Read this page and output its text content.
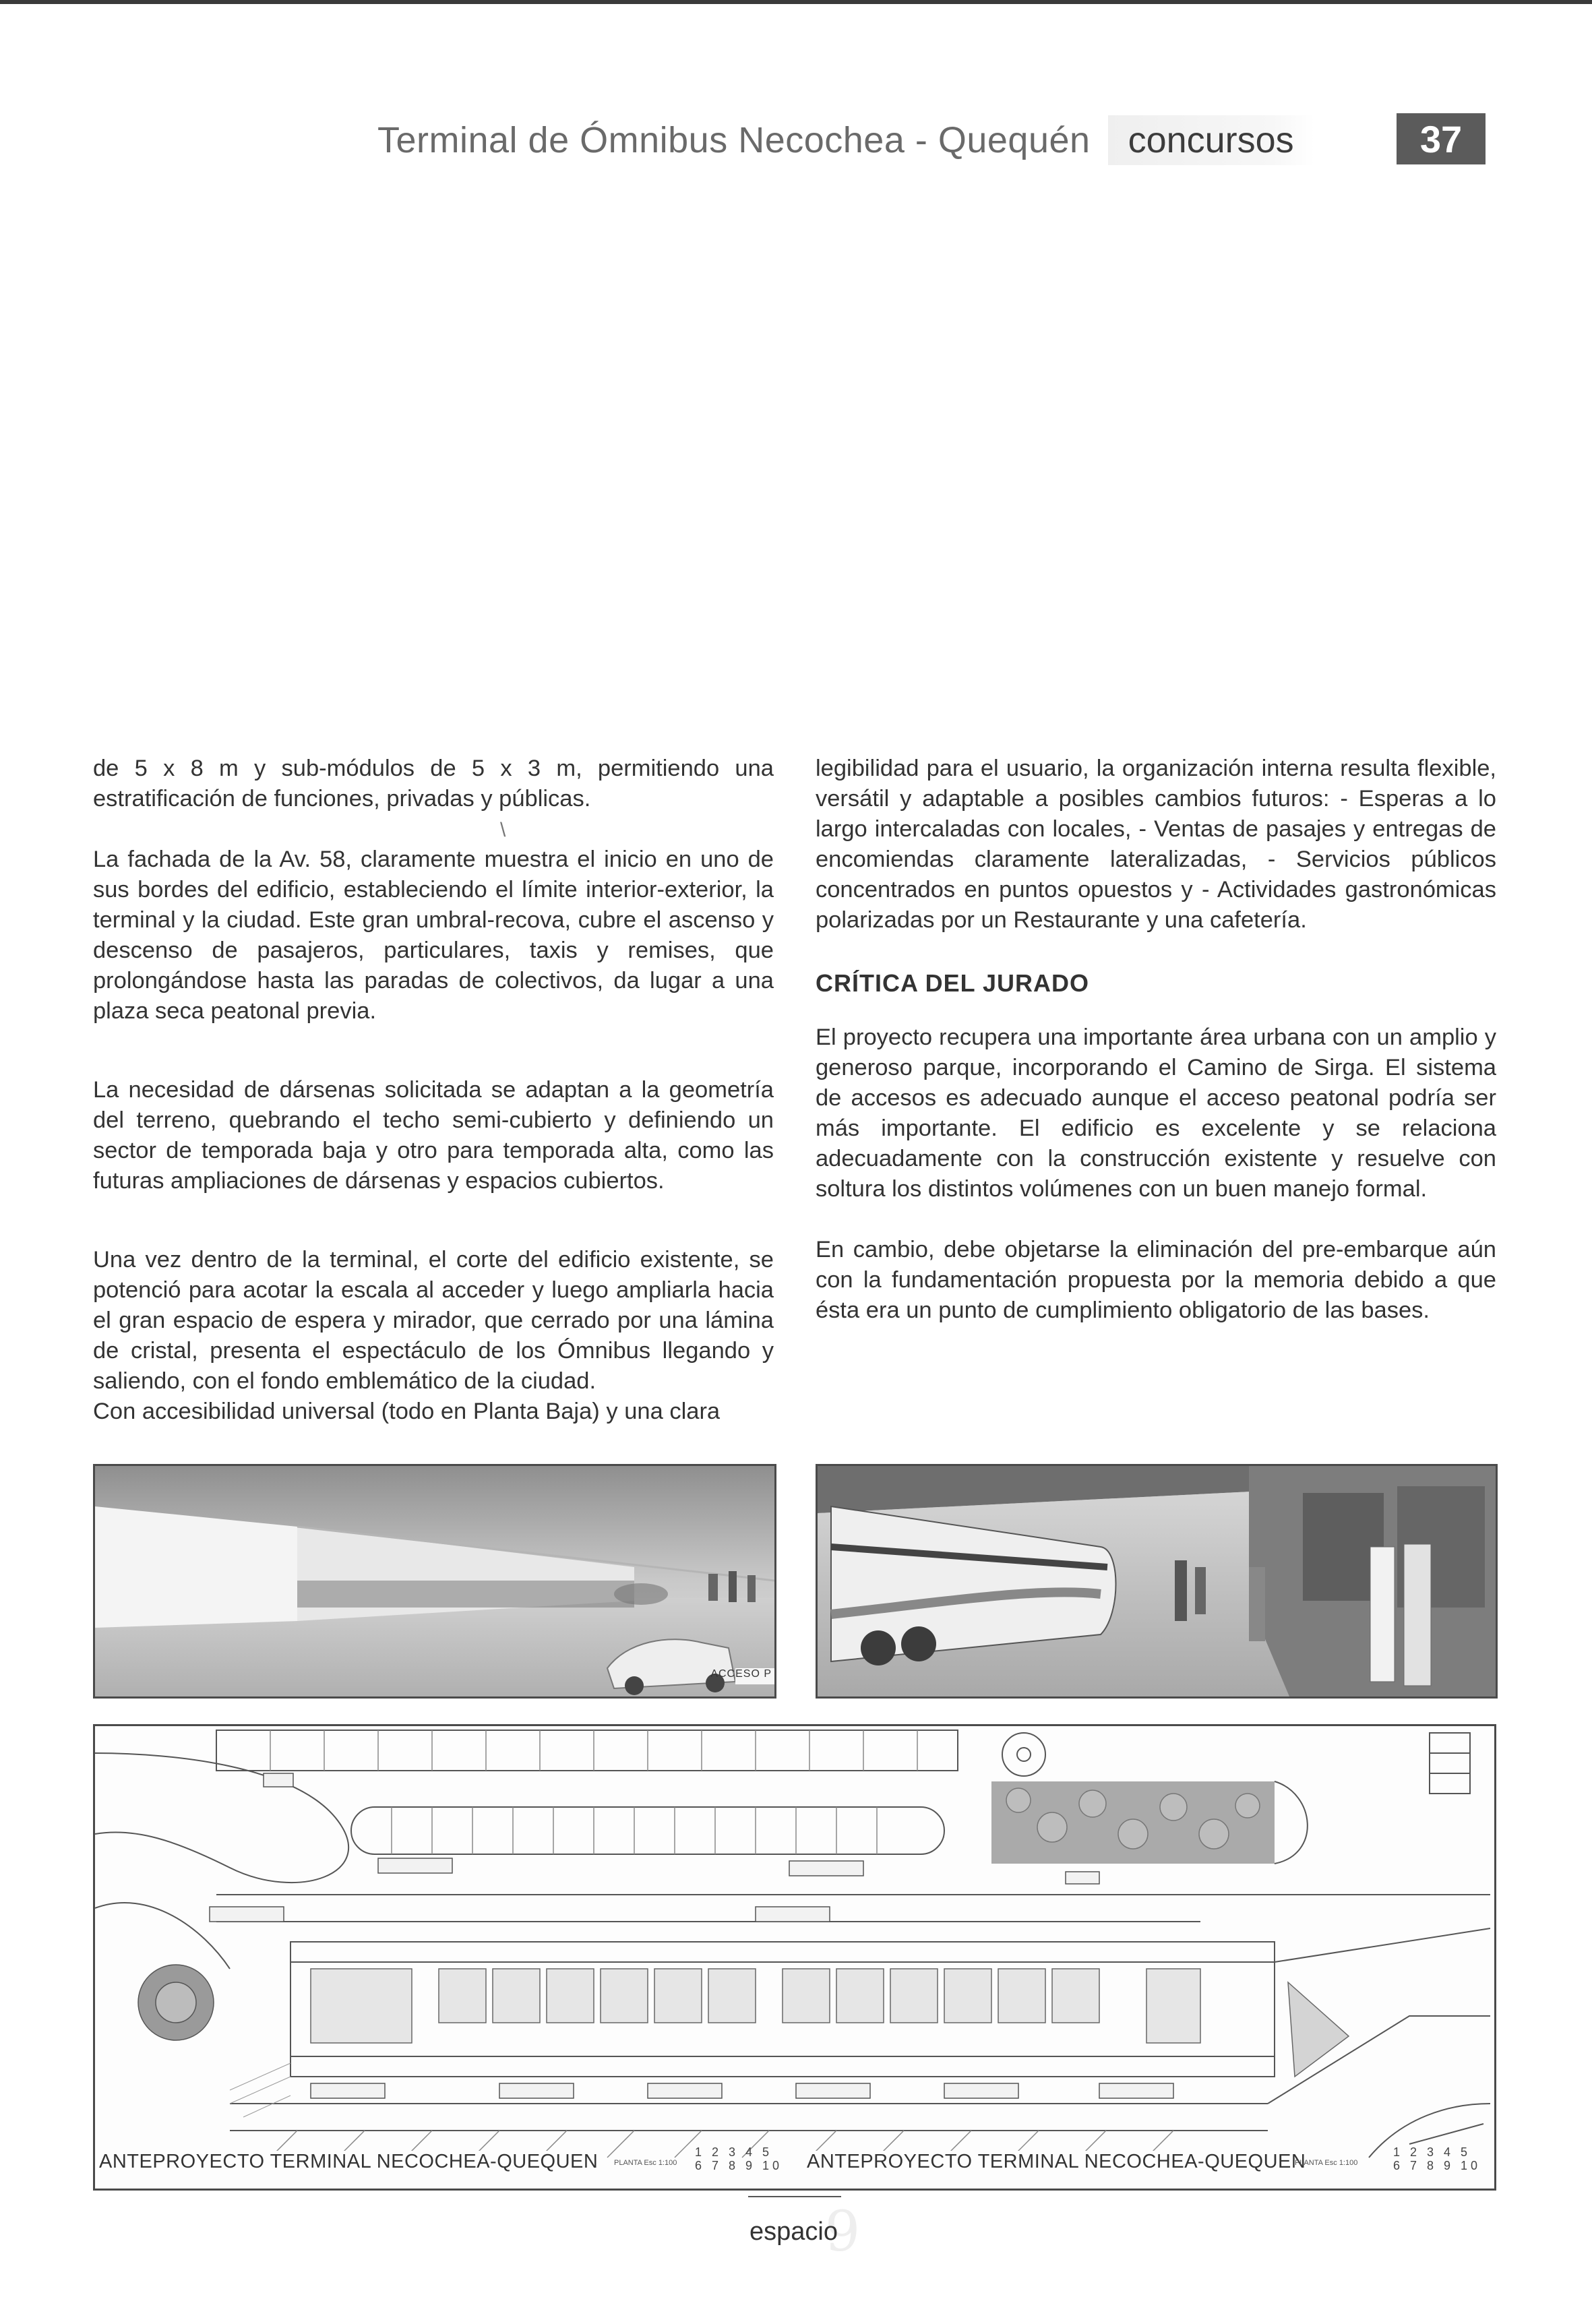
Terminal de Ómnibus Necochea - Quequén	concursos	37

de 5 x 8 m y sub-módulos de 5 x 3 m, permitiendo una estratificación de funciones, privadas y públicas.

La fachada de la Av. 58, claramente muestra el inicio en uno de sus bordes del edificio, estableciendo el límite interior-exterior, la terminal y la ciudad. Este gran umbral-recova, cubre el ascenso y descenso de pasajeros, particulares, taxis y remises, que prolongándose hasta las paradas de colectivos, da lugar a una plaza seca peatonal previa.

La necesidad de dársenas solicitada se adaptan a la geometría del terreno, quebrando el techo semi-cubierto y definiendo un sector de temporada baja y otro para temporada alta, como las futuras ampliaciones de dársenas y espacios cubiertos.

Una vez dentro de la terminal, el corte del edificio existente, se potenció para acotar la escala al acceder y luego ampliarla hacia el gran espacio de espera y mirador, que cerrado por una lámina de cristal, presenta el espectáculo de los Ómnibus llegando y saliendo, con el fondo emblemático de la ciudad.

Con accesibilidad universal (todo en Planta Baja) y una clara

\

legibilidad para el usuario, la organización interna resulta flexible, versátil y adaptable a posibles cambios futuros: - Esperas a lo largo intercaladas con locales, - Ventas de pasajes y entregas de encomiendas claramente lateralizadas, - Servicios públicos concentrados en puntos opuestos y - Actividades gastronómicas polarizadas por un Restaurante y una cafetería.

CRÍTICA DEL JURADO

El proyecto recupera una importante área urbana con un amplio y generoso parque, incorporando el Camino de Sirga. El sistema de accesos es adecuado aunque el acceso peatonal podría ser más importante. El edificio es excelente y se relaciona adecuadamente con la construcción existente y resuelve con soltura los distintos volúmenes con un buen manejo formal.

En cambio, debe objetarse la eliminación del pre-embarque aún con la fundamentación propuesta por la memoria debido a que ésta era un punto de cumplimiento obligatorio de las bases.

ACCESO P
ANTEPROYECTO TERMINAL NECOCHEA-QUEQUEN	PLANTA Esc 1:100
1 2 3 4 5
6 7 8 9 10 ANTEPROYECTO TERMINAL NECOCHEA-QUEQUEN
PLANTA Esc 1:100
1 2 3 4 5
6 7 8 9 10
9
espacio
